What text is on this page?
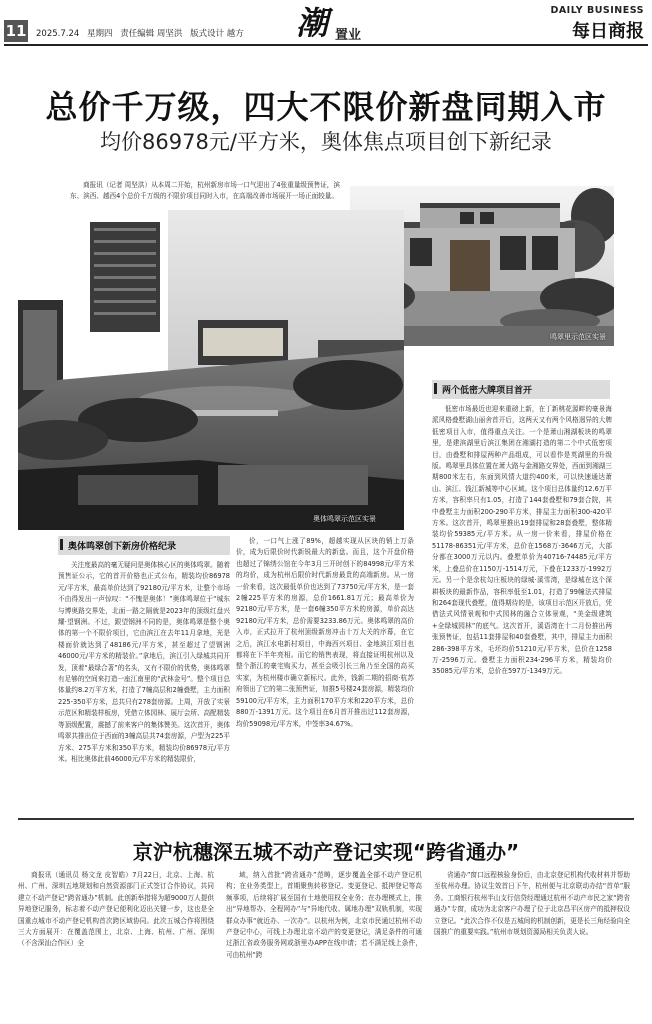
11 2025.7.24 星期四 责任编辑 周坚洪 版式设计 越方 潮 置业
DAILY BUSINESS
每日商报
总价千万级，四大不限价新盘同期入市
均价86978元/平方米，奥体焦点项目创下新纪录
鸣翠里示范区实景

商报讯（记者 周坚洪）从本周二开始，杭州新房市场一口气迎出了4张重量级预售证，滨东、滨西、越西4个总价千万级的不限价项目同时入市，在高端改善市场展开一场正面较量。

奥体鸣翠示范区实景
两个低密大牌项目首开

低密市场最近也迎来重磅上新，在丁新桃花源畔的豪景海派风格叠墅湖山丽舍首开后，这两天又有两个风格迥异的大牌低密项目入市，值得重点关注。一个是萧山湘湖板块的鸣翠里，是建滨湖里后滨江集团在湘湖打造的第二个中式低密项目，由叠墅和排屋两种产品组成，可以看作是英湖里的升级版。鸣翠里具体位置在萧大路与金湘路交界处，西面到湘湖三期800米左右，东面到风情大道约400米，可以快速通达萧山、滨江、钱江新城等中心区域。这个项目总体量约12.6万平方米，容积率只有1.05，打造了144套叠墅和79套合院，其中叠墅主力面积200-290平方米，排屋主力面积300-420平方米。这次首开，鸣翠里推出19套排屋和28套叠墅，整体精装均价59385元/平方米。从一房一价来看，排屋价格在51178-86351元/平方米，总价在1568万-3646万元，大部分都在3000万元以内。叠墅单价为40716-74485元/平方米，上叠总价在1150万-1514万元，下叠在1233万-1992万元。另一个是余杭勾庄板块的绿城·溪雪湾，是绿城在这个深耕板块的最新作品，容积率低至1.01，打造了99幢法式排屋和264套现代叠墅，值得期待的是，该项目示范区开放后，凭借法式风情景观和中式园林的融合立体景观，“美金级建筑+全绿城园林”的底气。这次首开，溪语湾在十二月份推出两张预售证，包括11套排屋和40套叠墅，其中，排屋主力面积286-398平方米，毛坯均价51210元/平方米，总价在1258万-2596万元。叠墅主力面积234-296平方米，精装均价35085元/平方米，总价在597万-1349万元。

奥体鸣翠创下新房价格纪录

关注度最高的毫无疑问是奥体核心区的奥体鸣翠。随着预售证公示，它的首开价格也正式公布，精装均价86978元/平方米，最高单价达到了92180元/平方米，让整个市场不由得发出一声惊叹：“不愧是奥体！”奥体鸣翠位于“城东与博奥路交界处，北面一路之隔就是2023年的顶级红盘兴耀·望钢洲。不过，跟望钢洲不同的是，奥体鸣翠是整个奥体的第一个不限价项目，它由滨江在去年11月拿地，光是楼面价就达到了48186元/平方米，甚至超过了望钢洲46000元/平方米的精装价。”拿地后，滨江引入绿城共同开发，顶着“最绿合著”的名头，又有不限价的优势，奥体鸣翠有足够的空间来打造一座江南里的“武林金号”。整个项目总体量约8.2万平方米，打造了7幢高层和2幢叠墅，主力面积225-350平方米，总共只有278套房源。上周，开放了实景示范区和精装样板房，凭借立体园林、展厅会所、高配精装等顶级配置，震撼了前来客户的集体赞美。这次首开，奥体鸣翠共推出位于西面的3幢高层共74套房源，户型为225平方米、275平方米和350平方米，精装均价86978元/平方米。相比奥体此前46000元/平方米的精装限价，

价，一口气上涨了89%，超越实现从区块的销上万条价，成为后限价时代新锐最大的新盘。而且，这个开盘价格也超过了锦绣公馆在今年3月三开时创下的84998元/平方米的均价，成为杭州后限价时代新房最贵的高端新房。从一房一价来看，这次最低单价也达到了73750元/平方米，是一套2幢225平方米的房源，总价1661.81万元；最高单价为92180元/平方米，是一套6幢350平方米的房源，单价高达92180元/平方米，总价需要3233.86万元。奥体鸣翠的高价入市，正式拉开了杭州顶级新房冲击十万大关的序幕，在它之后，滨江水电新村项目，中海西兴项目、金地滨江项目也都将在下半年亮相。而它的销售表现，将直接证明杭州以及整个浙江的豪宅购买力，甚至会吸引长三角乃至全国的高买实家，为杭州楼市确立新标尺。此外，钱新二期的招商·杭苏府领出了它的第二张预售证，加推5号楼24套房源，精装均价59100元/平方米，主力面积170平方米和220平方米，总价880万-1391万元。这个项目在6月首开推出过112套房源，均价59098元/平方米，中签率34.67%。

京沪杭穗深五城不动产登记实现“跨省通办”

商报讯（通讯员 杨文龙 皮智皓）7月22日，北京、上海、杭州、广州、深圳五地规划和自然资源部门正式签订合作协议，共同建立不动产登记“跨省通办”机制。此创新举措将为超9000万人提供异地登记服务，标志着不动产登记便利化迈出关键一步，这也是全国重点城市不动产登记机构首次跨区域协同。此次五城合作将围绕三大方面展开：在覆盖范围上，北京、上海、杭州、广州、深圳（不含深汕合作区）全

域，纳入首批“跨省通办”范畴，逐步覆盖全部不动产登记机构；在业务类型上，首期聚焦转移登记、变更登记、抵押登记等高频事项，后续将扩展至国有土地使用权全业务；在办理模式上，推出“异地帮办、全程网办”与“异地代收、属地办理”双轨机制，实现群众办事“就近办、一次办”。以杭州为例，北京市民通过杭州不动产登记中心，可线上办理北京不动产的变更登记，满足条件的可通过浙江省政务服务网或浙里办APP在线申请；若不满足线上条件，可由杭州“跨

省通办”窗口远程核验身份后，由北京登记机构代收材料并帮助至杭州办理。协议生效首日下午，杭州便与北京联动办结“首单”服务。工商银行杭州半山支行信贷经理通过杭州不动产市民之家“跨省通办”专窗，成功为北京客户办理了位于北京昌平区房产的抵押权设立登记。“此次合作不仅是五城间的机制创新，更是长三角经验向全国推广的重要实践。”杭州市规划资源局相关负责人说。
